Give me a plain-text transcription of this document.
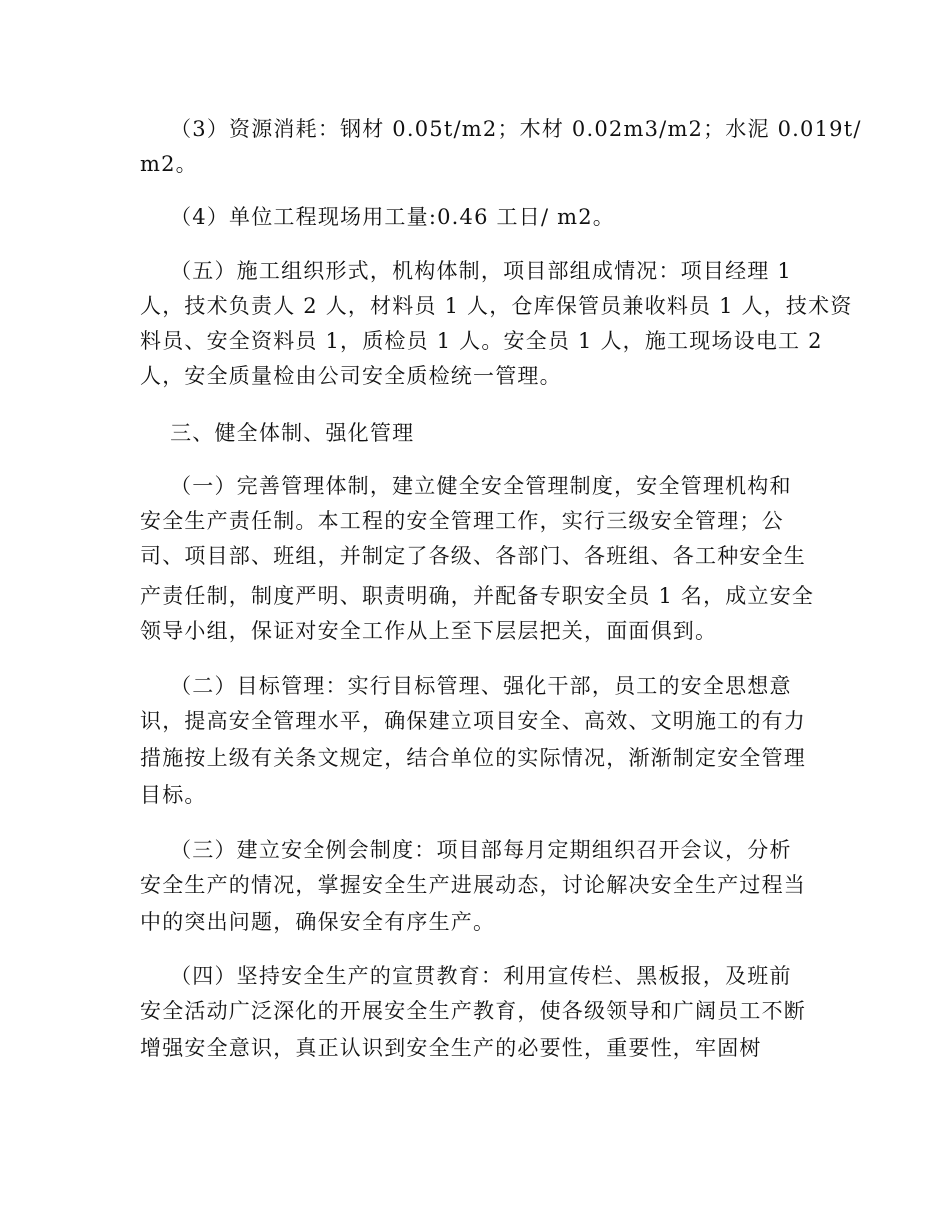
　 （3）资源消耗：钢材 0.05t/m2；木材 0.02m3/m2；水泥 0.019t/
m2。
　 （4）单位工程现场用工量:0.46 工日/ m2。
　 （五）施工组织形式，机构体制，项目部组成情况：项目经理 1
人，技术负责人 2 人，材料员 1 人，仓库保管员兼收料员 1 人，技术资
料员、安全资料员 1，质检员 1 人。安全员 1 人，施工现场设电工 2
人，安全质量检由公司安全质检统一管理。
　 三、健全体制、强化管理
　 （一）完善管理体制，建立健全安全管理制度，安全管理机构和
安全生产责任制。本工程的安全管理工作，实行三级安全管理；公
司、项目部、班组，并制定了各级、各部门、各班组、各工种安全生
产责任制，制度严明、职责明确，并配备专职安全员 1 名，成立安全
领导小组，保证对安全工作从上至下层层把关，面面俱到。
　 （二）目标管理：实行目标管理、强化干部，员工的安全思想意
识，提高安全管理水平，确保建立项目安全、高效、文明施工的有力
措施按上级有关条文规定，结合单位的实际情况，渐渐制定安全管理
目标。
　 （三）建立安全例会制度：项目部每月定期组织召开会议，分析
安全生产的情况，掌握安全生产进展动态，讨论解决安全生产过程当
中的突出问题，确保安全有序生产。
　 （四）坚持安全生产的宣贯教育：利用宣传栏、黑板报，及班前
安全活动广泛深化的开展安全生产教育，使各级领导和广阔员工不断
增强安全意识，真正认识到安全生产的必要性，重要性，牢固树
